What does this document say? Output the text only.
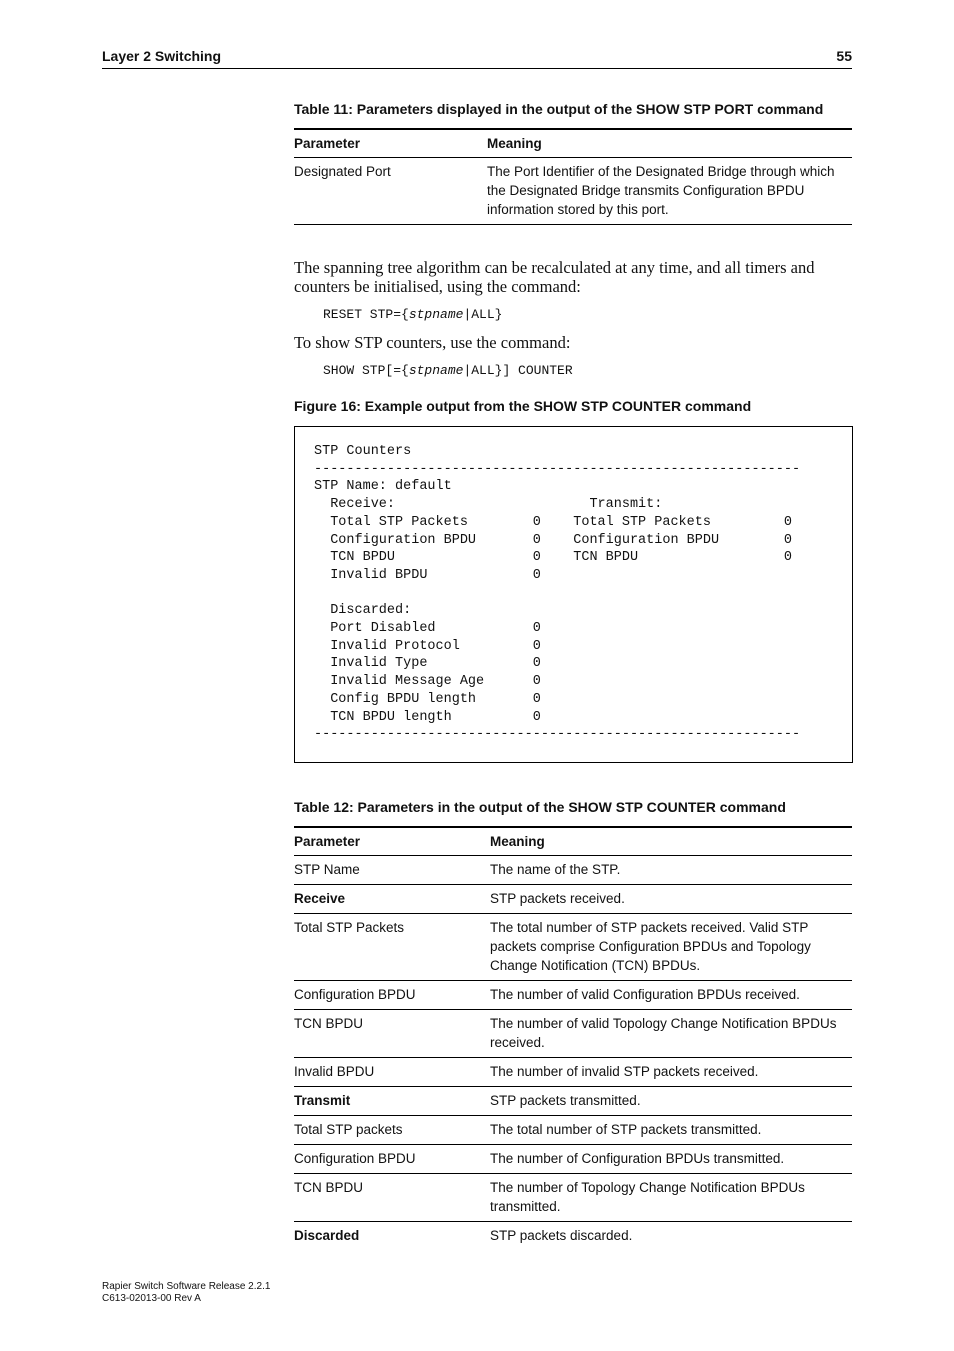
Layer 2 Switching	55
Table 11: Parameters displayed in the output of the SHOW STP PORT command
Parameter	Meaning
Designated Port	The Port Identifier of the Designated Bridge through which the Designated Bridge transmits Configuration BPDU information stored by this port.
The spanning tree algorithm can be recalculated at any time, and all timers and counters be initialised, using the command:
RESET STP={stpname|ALL}
To show STP counters, use the command:
SHOW STP[={stpname|ALL}] COUNTER
Figure 16: Example output from the SHOW STP COUNTER command
STP Counters
------------------------------------------------------------
STP Name: default
Receive:                        Transmit:
Total STP Packets        0    Total STP Packets         0
Configuration BPDU       0    Configuration BPDU        0
TCN BPDU                 0    TCN BPDU                  0
Invalid BPDU             0

Discarded:
Port Disabled            0
Invalid Protocol         0
Invalid Type             0
Invalid Message Age      0
Config BPDU length       0
TCN BPDU length          0
------------------------------------------------------------
Table 12: Parameters in the output of the SHOW STP COUNTER command
Parameter	Meaning
STP Name	The name of the STP.
Receive	STP packets received.
Total STP Packets	The total number of STP packets received. Valid STP packets comprise Configuration BPDUs and Topology Change Notification (TCN) BPDUs.
Configuration BPDU	The number of valid Configuration BPDUs received.
TCN BPDU	The number of valid Topology Change Notification BPDUs received.
Invalid BPDU	The number of invalid STP packets received.
Transmit	STP packets transmitted.
Total STP packets	The total number of STP packets transmitted.
Configuration BPDU	The number of Configuration BPDUs transmitted.
TCN BPDU	The number of Topology Change Notification BPDUs transmitted.
Discarded	STP packets discarded.
Rapier Switch Software Release 2.2.1
C613-02013-00 Rev A
